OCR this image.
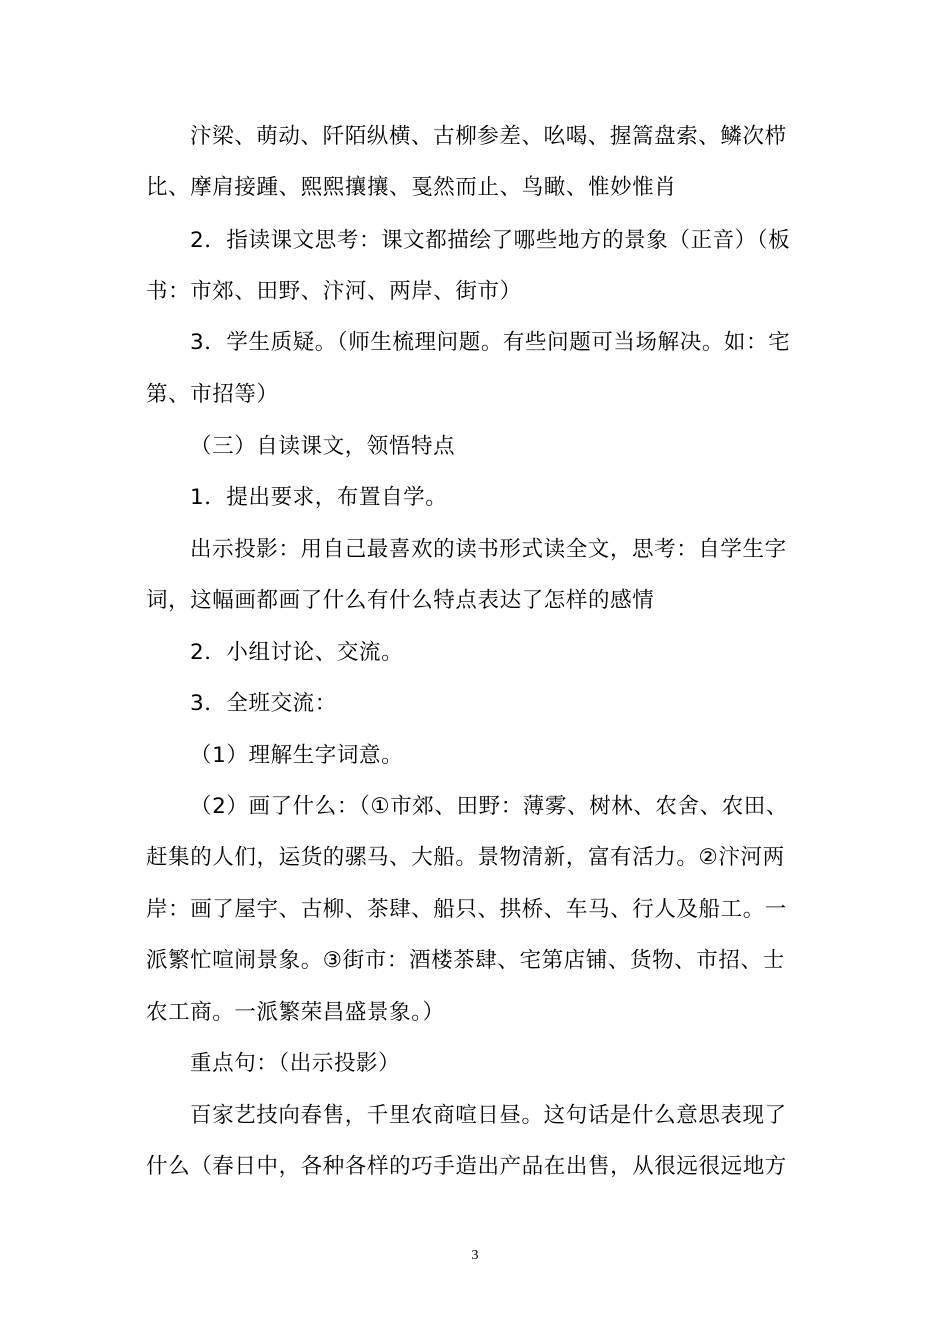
汴梁、萌动、阡陌纵横、古柳参差、吆喝、握篙盘索、鳞次栉
比、摩肩接踵、熙熙攘攘、戛然而止、鸟瞰、惟妙惟肖
2．指读课文思考：课文都描绘了哪些地方的景象（正音）（板
书：市郊、田野、汴河、两岸、街市）
3．学生质疑。（师生梳理问题。有些问题可当场解决。如：宅
第、市招等）
（三）自读课文，领悟特点
1．提出要求，布置自学。
出示投影：用自己最喜欢的读书形式读全文，思考：自学生字
词，这幅画都画了什么有什么特点表达了怎样的感情
2．小组讨论、交流。
3．全班交流：
（1）理解生字词意。
（2）画了什么：（①市郊、田野：薄雾、树林、农舍、农田、
赶集的人们，运货的骡马、大船。景物清新，富有活力。②汴河两
岸：画了屋宇、古柳、茶肆、船只、拱桥、车马、行人及船工。一
派繁忙喧闹景象。③街市：酒楼茶肆、宅第店铺、货物、市招、士
农工商。一派繁荣昌盛景象。）
重点句：（出示投影）
百家艺技向春售，千里农商喧日昼。这句话是什么意思表现了
什么（春日中，各种各样的巧手造出产品在出售，从很远很远地方
3
